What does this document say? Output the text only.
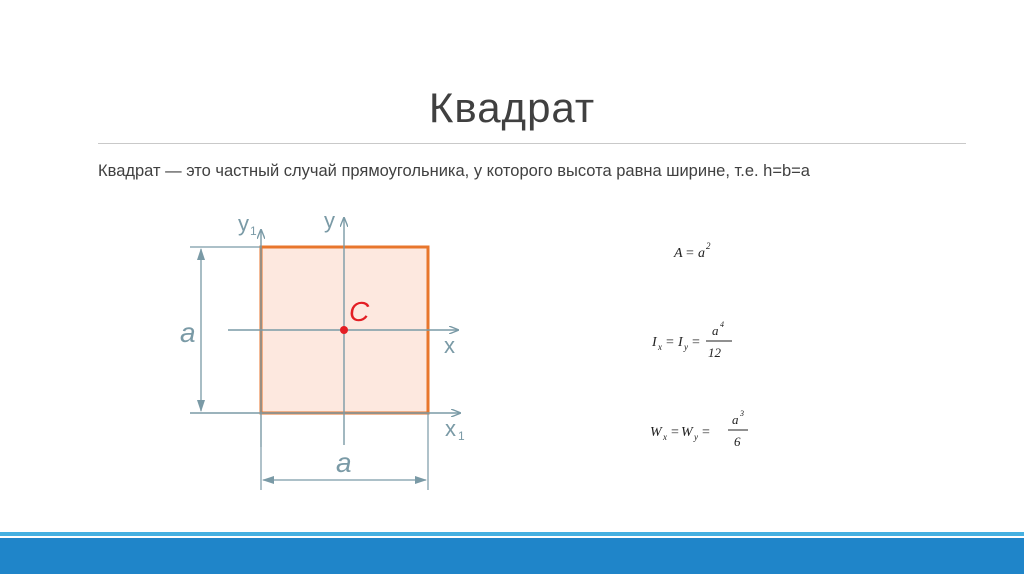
Квадрат
Квадрат — это частный случай прямоугольника, у которого высота равна ширине, т.е. h=b=a
y 1	y
x
x 1
C
a
a
A = a 2
I x = I y =
a 4
12
W x = W y =
a 3
6
